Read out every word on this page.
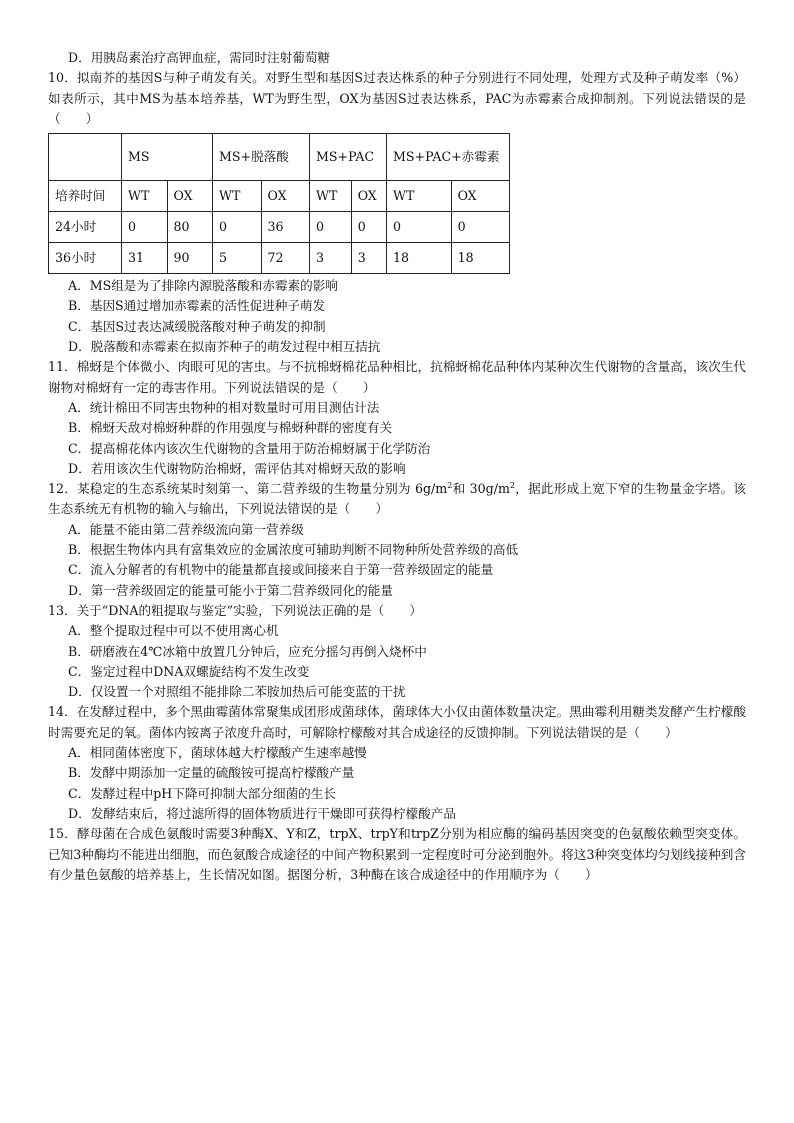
D．用胰岛素治疗高钾血症，需同时注射葡萄糖

10．拟南芥的基因S与种子萌发有关。对野生型和基因S过表达株系的种子分别进行不同处理，处理方式及种子萌发率（%）如表所示，其中MS为基本培养基，WT为野生型，OX为基因S过表达株系，PAC为赤霉素合成抑制剂。下列说法错误的是（　　）

	MS		MS+脱落酸		MS+PAC		MS+PAC+赤霉素	
培养时间	WT	OX	WT	OX	WT	OX	WT	OX
24小时	0	80	0	36	0	0	0	0
36小时	31	90	5	72	3	3	18	18

A．MS组是为了排除内源脱落酸和赤霉素的影响

B．基因S通过增加赤霉素的活性促进种子萌发

C．基因S过表达减缓脱落酸对种子萌发的抑制

D．脱落酸和赤霉素在拟南芥种子的萌发过程中相互拮抗

11．棉蚜是个体微小、肉眼可见的害虫。与不抗棉蚜棉花品种相比，抗棉蚜棉花品种体内某种次生代谢物的含量高，该次生代谢物对棉蚜有一定的毒害作用。下列说法错误的是（　　）

A．统计棉田不同害虫物种的相对数量时可用目测估计法

B．棉蚜天敌对棉蚜种群的作用强度与棉蚜种群的密度有关

C．提高棉花体内该次生代谢物的含量用于防治棉蚜属于化学防治

D．若用该次生代谢物防治棉蚜，需评估其对棉蚜天敌的影响

12．某稳定的生态系统某时刻第一、第二营养级的生物量分别为 $6g/m^2$和 $30g/m^2$，据此形成上宽下窄的生物量金字塔。该生态系统无有机物的输入与输出，下列说法错误的是（　　）

A．能量不能由第二营养级流向第一营养级

B．根据生物体内具有富集效应的金属浓度可辅助判断不同物种所处营养级的高低

C．流入分解者的有机物中的能量都直接或间接来自于第一营养级固定的能量

D．第一营养级固定的能量可能小于第二营养级同化的能量

13．关于“DNA的粗提取与鉴定”实验，下列说法正确的是（　　）

A．整个提取过程中可以不使用离心机

B．研磨液在4℃冰箱中放置几分钟后，应充分摇匀再倒入烧杯中

C．鉴定过程中DNA双螺旋结构不发生改变

D．仅设置一个对照组不能排除二苯胺加热后可能变蓝的干扰

14．在发酵过程中，多个黑曲霉菌体常聚集成团形成菌球体，菌球体大小仅由菌体数量决定。黑曲霉利用糖类发酵产生柠檬酸时需要充足的氧。菌体内铵离子浓度升高时，可解除柠檬酸对其合成途径的反馈抑制。下列说法错误的是（　　）

A．相同菌体密度下，菌球体越大柠檬酸产生速率越慢

B．发酵中期添加一定量的硫酸铵可提高柠檬酸产量

C．发酵过程中pH下降可抑制大部分细菌的生长

D．发酵结束后，将过滤所得的固体物质进行干燥即可获得柠檬酸产品

15．酵母菌在合成色氨酸时需要3种酶X、Y和Z，trpX、trpY和trpZ分别为相应酶的编码基因突变的色氨酸依赖型突变体。已知3种酶均不能进出细胞，而色氨酸合成途径的中间产物积累到一定程度时可分泌到胞外。将这3种突变体均匀划线接种到含有少量色氨酸的培养基上，生长情况如图。据图分析，3种酶在该合成途径中的作用顺序为（　　）
